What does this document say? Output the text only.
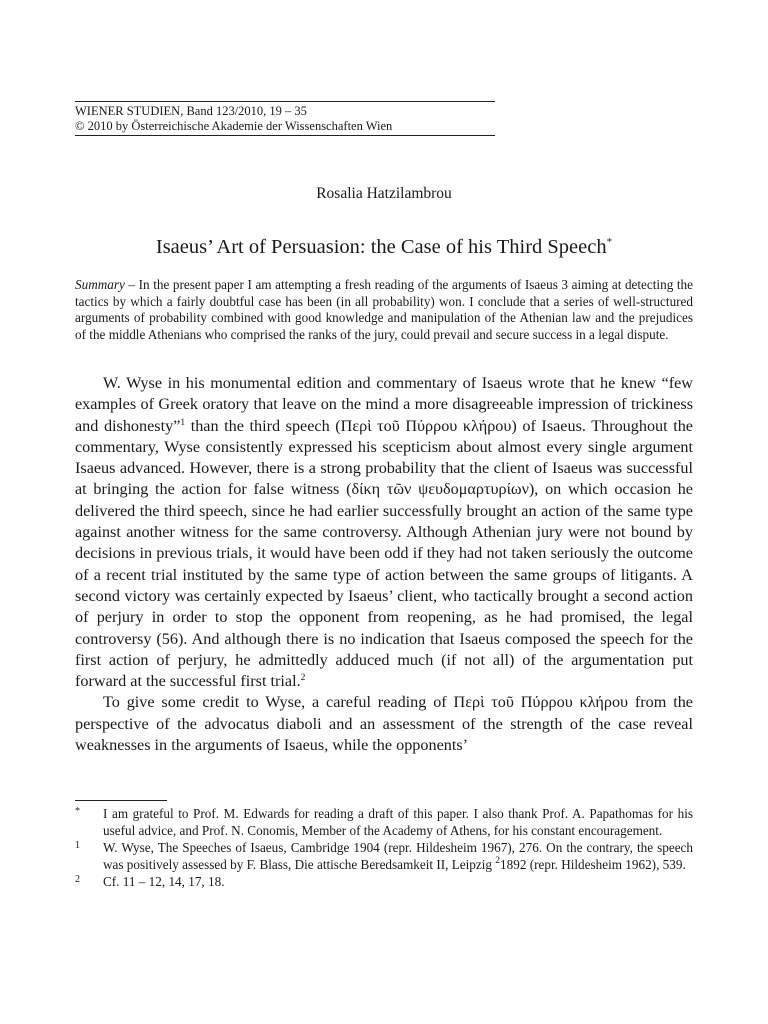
WIENER STUDIEN, Band 123/2010, 19 – 35
© 2010 by Österreichische Akademie der Wissenschaften Wien
Rosalia Hatzilambrou
Isaeus’ Art of Persuasion: the Case of his Third Speech*
Summary – In the present paper I am attempting a fresh reading of the arguments of Isaeus 3 aiming at detecting the tactics by which a fairly doubtful case has been (in all probability) won. I conclude that a series of well-structured arguments of probability combined with good knowledge and manipulation of the Athenian law and the prejudices of the middle Athenians who comprised the ranks of the jury, could prevail and secure success in a legal dispute.

W. Wyse in his monumental edition and commentary of Isaeus wrote that he knew “few examples of Greek oratory that leave on the mind a more disagreeable impression of trickiness and dishonesty”$^1$ than the third speech (Περὶ τοῦ Πύρρου κλήρου) of Isaeus. Throughout the commentary, Wyse consistently expressed his scepticism about almost every single argument Isaeus advanced. However, there is a strong probability that the client of Isaeus was successful at bringing the action for false witness (δίκη τῶν ψευδομαρτυρίων), on which occasion he delivered the third speech, since he had earlier successfully brought an action of the same type against another witness for the same controversy. Although Athenian jury were not bound by decisions in previous trials, it would have been odd if they had not taken seriously the outcome of a recent trial instituted by the same type of action between the same groups of litigants. A second victory was certainly expected by Isaeus’ client, who tactically brought a second action of perjury in order to stop the opponent from reopening, as he had promised, the legal controversy (56). And although there is no indication that Isaeus composed the speech for the first action of perjury, he admittedly adduced much (if not all) of the argumentation put forward at the successful first trial.$^2$

To give some credit to Wyse, a careful reading of Περὶ τοῦ Πύρρου κλήρου from the perspective of the advocatus diaboli and an assessment of the strength of the case reveal weaknesses in the arguments of Isaeus, while the opponents’

* I am grateful to Prof. M. Edwards for reading a draft of this paper. I also thank Prof. A. Papathomas for his useful advice, and Prof. N. Conomis, Member of the Academy of Athens, for his constant encouragement.
1 W. Wyse, The Speeches of Isaeus, Cambridge 1904 (repr. Hildesheim 1967), 276. On the contrary, the speech was positively assessed by F. Blass, Die attische Beredsamkeit II, Leipzig $^2$1892 (repr. Hildesheim 1962), 539.
2 Cf. 11 – 12, 14, 17, 18.
